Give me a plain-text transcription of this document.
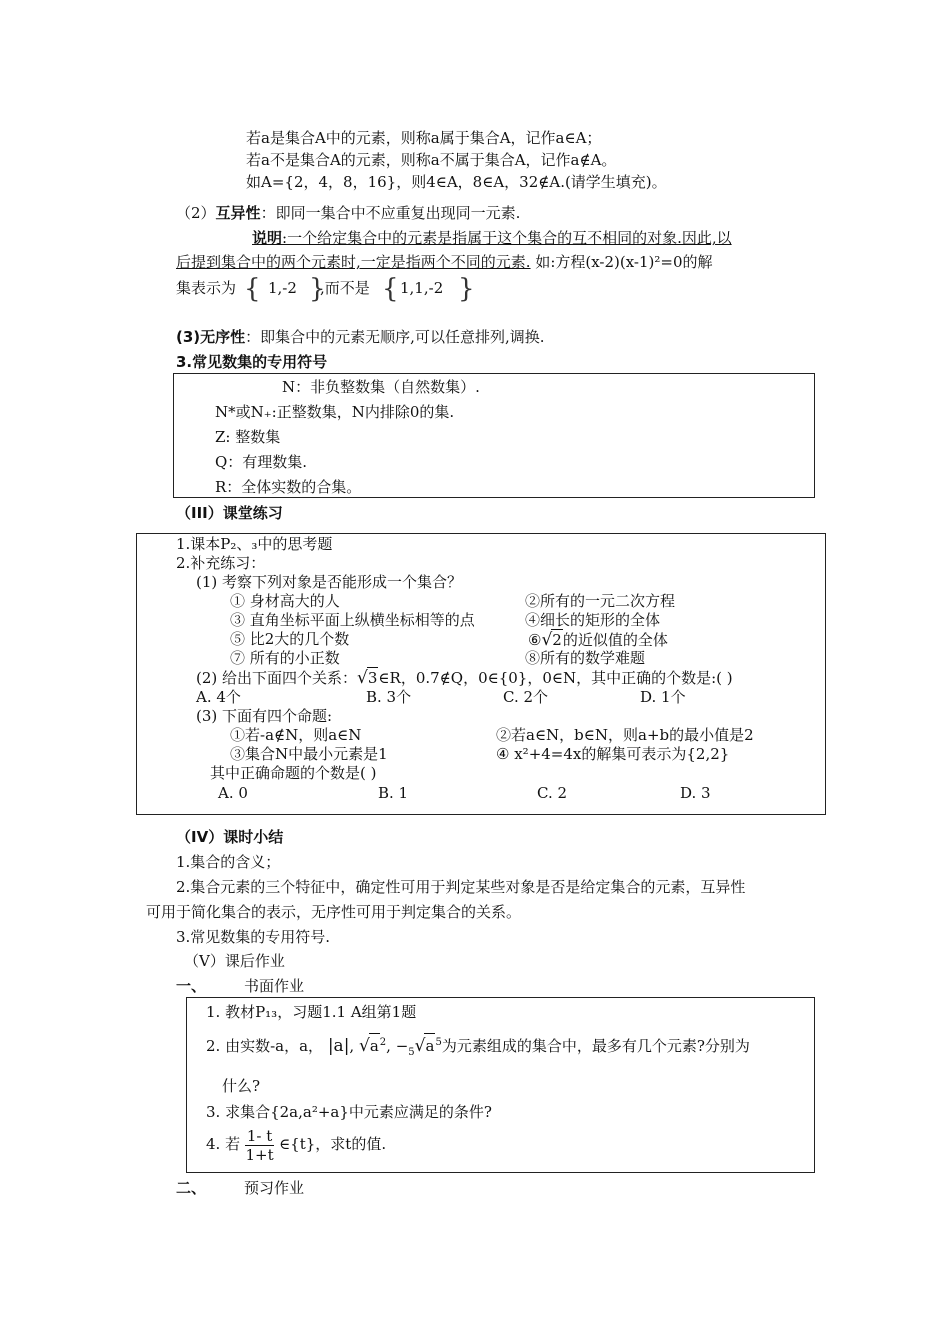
若a是集合A中的元素，则称a属于集合A，记作a∈A；
若a不是集合A的元素，则称a不属于集合A，记作a∉A。
如A={2，4，8，16}，则4∈A，8∈A，32∉A.(请学生填充)。
（2）互异性：即同一集合中不应重复出现同一元素.
说明:一个给定集合中的元素是指属于这个集合的互不相同的对象.因此,以
后提到集合中的两个元素时,一定是指两个不同的元素. 如:方程(x-2)(x-1)²=0的解
集表示为 { 1,-2 }
,而不是 { 1,1,-2 }
(3)无序性：即集合中的元素无顺序,可以任意排列,调换.
3.常见数集的专用符号
N：非负整数集（自然数集）.
N*或N₊:正整数集，N内排除0的集.
Z: 整数集
Q：有理数集.
R：全体实数的合集。
（III）课堂练习
1.课本P₂、₃中的思考题
2.补充练习：
(1) 考察下列对象是否能形成一个集合？
① 身材高大的人	②所有的一元二次方程
③ 直角坐标平面上纵横坐标相等的点	④细长的矩形的全体
⑤ 比2大的几个数	⑥√2的近似值的全体
⑦ 所有的小正数	⑧所有的数学难题
(2) 给出下面四个关系：√3∈R，0.7∉Q，0∈{0}，0∈N，其中正确的个数是:( )
A. 4个	B. 3个	C. 2个	D. 1个
(3) 下面有四个命题:
①若-a∉N，则a∈N	②若a∈N，b∈N，则a+b的最小值是2
③集合N中最小元素是1	④ x²+4=4x的解集可表示为{2,2}
其中正确命题的个数是( )
A. 0	B. 1	C. 2	D. 3
（IV）课时小结
1.集合的含义；
2.集合元素的三个特征中，确定性可用于判定某些对象是否是给定集合的元素，互异性
可用于简化集合的表示，无序性可用于判定集合的关系。
3.常见数集的专用符号.
（V）课后作业
一、	书面作业
1. 教材P₁₃，习题1.1 A组第1题
2. 由实数-a，a， |a|, $√a^2$, $-_5√a^5$为元素组成的集合中，最多有几个元素?分别为
什么?
3. 求集合{2a,a²+a}中元素应满足的条件?
4. 若 $\frac{1- t}{1+t}$ ∈{t}，求t的值.
二、	预习作业
